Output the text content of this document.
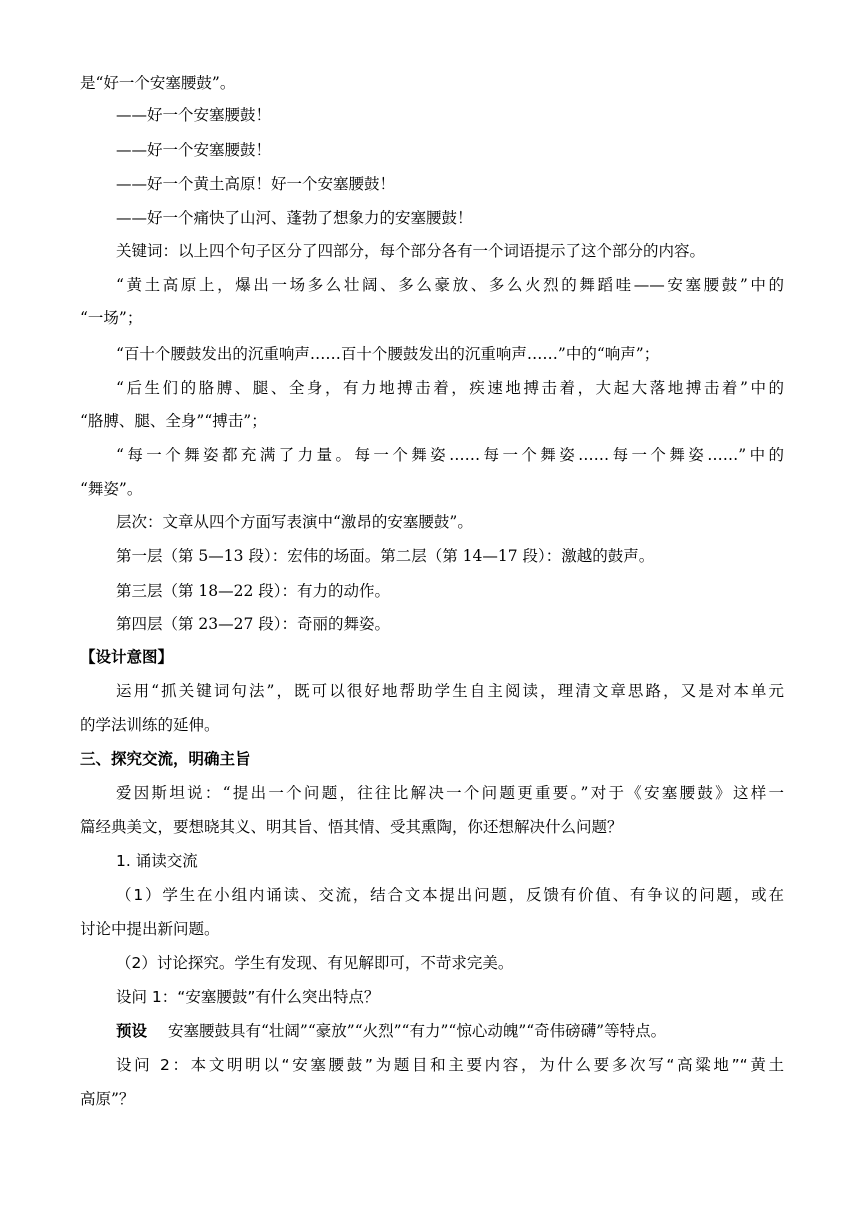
是“好一个安塞腰鼓”。
——好一个安塞腰鼓！
——好一个安塞腰鼓！
——好一个黄土高原！好一个安塞腰鼓！
——好一个痛快了山河、蓬勃了想象力的安塞腰鼓！
关键词：以上四个句子区分了四部分，每个部分各有一个词语提示了这个部分的内容。
“黄土高原上，爆出一场多么壮阔、多么豪放、多么火烈的舞蹈哇——安塞腰鼓”中的
“一场”；
“百十个腰鼓发出的沉重响声……百十个腰鼓发出的沉重响声……”中的“响声”；
“后生们的胳膊、腿、全身，有力地搏击着，疾速地搏击着，大起大落地搏击着”中的
“胳膊、腿、全身”“搏击”；
“每一个舞姿都充满了力量。每一个舞姿……每一个舞姿……每一个舞姿……”中的
“舞姿”。
层次：文章从四个方面写表演中“激昂的安塞腰鼓”。
第一层（第 5—13 段）：宏伟的场面。第二层（第 14—17 段）：激越的鼓声。
第三层（第 18—22 段）：有力的动作。
第四层（第 23—27 段）：奇丽的舞姿。
【设计意图】
运用“抓关键词句法”，既可以很好地帮助学生自主阅读，理清文章思路，又是对本单元
的学法训练的延伸。
三、探究交流，明确主旨
爱因斯坦说：“提出一个问题，往往比解决一个问题更重要。”对于《安塞腰鼓》这样一
篇经典美文，要想晓其义、明其旨、悟其情、受其熏陶，你还想解决什么问题？
1. 诵读交流
（1）学生在小组内诵读、交流，结合文本提出问题，反馈有价值、有争议的问题，或在
讨论中提出新问题。
（2）讨论探究。学生有发现、有见解即可，不苛求完美。
设问 1：“安塞腰鼓”有什么突出特点？
预设 安塞腰鼓具有“壮阔”“豪放”“火烈”“有力”“惊心动魄”“奇伟磅礴”等特点。
设问 2：本文明明以“安塞腰鼓”为题目和主要内容，为什么要多次写“高粱地”“黄土
高原”？
